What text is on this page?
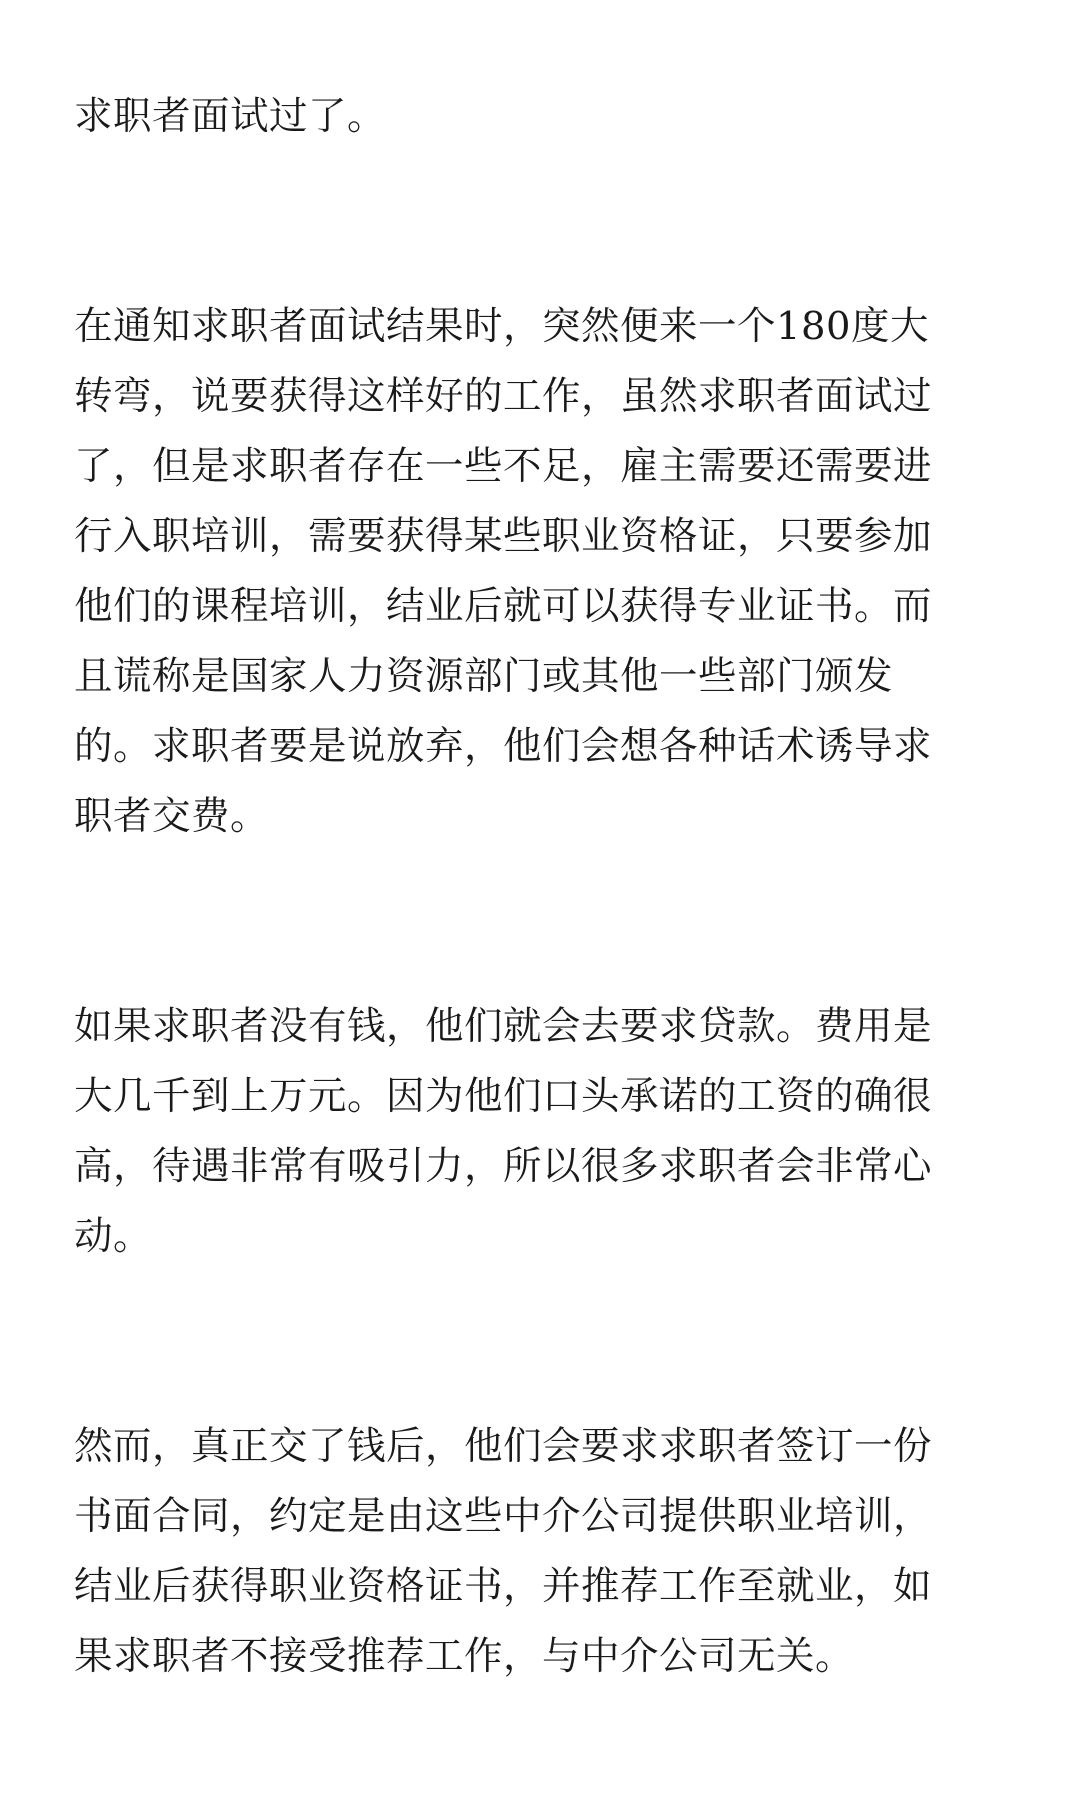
求职者面试过了。

在通知求职者面试结果时，突然便来一个180度大
转弯，说要获得这样好的工作，虽然求职者面试过
了，但是求职者存在一些不足，雇主需要还需要进
行入职培训，需要获得某些职业资格证，只要参加
他们的课程培训，结业后就可以获得专业证书。而
且谎称是国家人力资源部门或其他一些部门颁发
的。求职者要是说放弃，他们会想各种话术诱导求
职者交费。

如果求职者没有钱，他们就会去要求贷款。费用是
大几千到上万元。因为他们口头承诺的工资的确很
高，待遇非常有吸引力，所以很多求职者会非常心
动。

然而，真正交了钱后，他们会要求求职者签订一份
书面合同，约定是由这些中介公司提供职业培训，
结业后获得职业资格证书，并推荐工作至就业，如
果求职者不接受推荐工作，与中介公司无关。
